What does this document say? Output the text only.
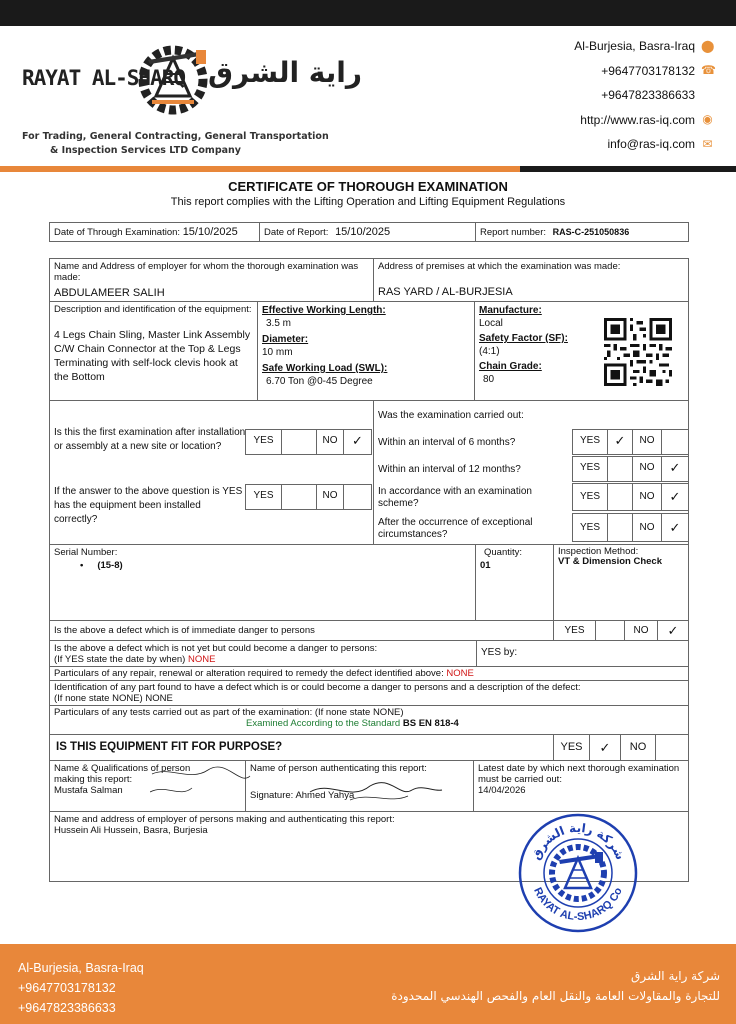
RAYAT AL-SHARQ راية الشرق
For Trading, General Contracting, General Transportation
& Inspection Services LTD Company
Al-Burjesia, Basra-Iraq ⬤
+9647703178132 ☎
+9647823386633
http://www.ras-iq.com ◉
info@ras-iq.com ✉
CERTIFICATE OF THOROUGH EXAMINATION
This report complies with the Lifting Operation and Lifting Equipment Regulations
Date of Through Examination: 15/10/2025	Date of Report: 15/10/2025	Report number: RAS-C-251050836
Name and Address of employer for whom the thorough examination was made:
ABDULAMEER SALIH
Address of premises at which the examination was made:
RAS YARD / AL-BURJESIA
Description and identification of the equipment:
4 Legs Chain Sling, Master Link Assembly C/W Chain Connector at the Top & Legs Terminating with self-lock clevis hook at the Bottom
Effective Working Length:
3.5 m
Diameter:
10 mm
Safe Working Load (SWL):
6.70 Ton @0-45 Degree
Manufacture:
Local
Safety Factor (SF):
(4:1)
Chain Grade:
80
Is this the first examination after installation or assembly at a new site or location?
YES	NO	✓
If the answer to the above question is YES has the equipment been installed correctly?
YES	NO
Was the examination carried out:
Within an interval of 6 months?	YES	✓	NO
Within an interval of 12 months?	YES	NO	✓
In accordance with an examination scheme?
YES	NO	✓
After the occurrence of exceptional circumstances?
YES	NO	✓
Serial Number:
• (15-8)
Quantity:
01
Inspection Method:
VT & Dimension Check
Is the above a defect which is of immediate danger to persons	YES	NO	✓
Is the above a defect which is not yet but could become a danger to persons:
(If YES state the date by when) NONE
YES by:
Particulars of any repair, renewal or alteration required to remedy the defect identified above: NONE
Identification of any part found to have a defect which is or could become a danger to persons and a description of the defect:
(If none state NONE) NONE
Particulars of any tests carried out as part of the examination: (If none state NONE)
Examined According to the Standard BS EN 818-4
IS THIS EQUIPMENT FIT FOR PURPOSE?	YES	✓	NO
Name & Qualifications of person making this report:
Mustafa Salman
Name of person authenticating this report:
Signature: Ahmed Yahya
Latest date by which next thorough examination must be carried out:
14/04/2026
Name and address of employer of persons making and authenticating this report:
Hussein Ali Hussein, Basra, Burjesia
شركة راية الشرق
RAYAT AL-SHARQ Co
Al-Burjesia, Basra-Iraq
+9647703178132
+9647823386633
شركة راية الشرق
للتجارة والمقاولات العامة والنقل العام والفحص الهندسي المحدودة
